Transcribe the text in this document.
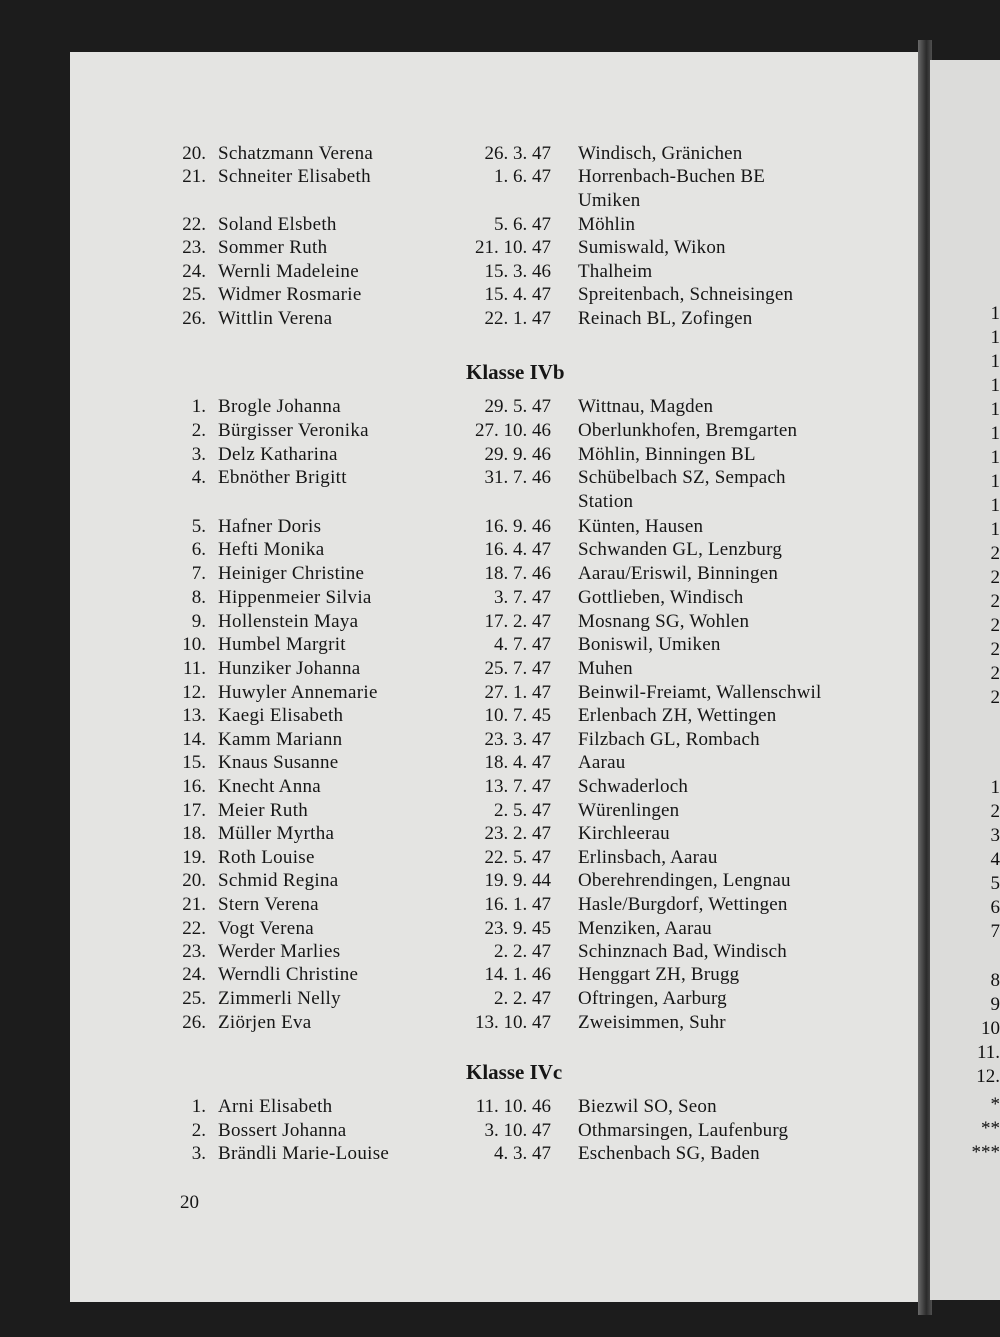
1
1
1
1
1
1
1
1
1
1
2
2
2
2
2
2
2
1
2
3
4
5
6
7
8
9
10
11.
12.
*
**
***
20. Schatzmann Verena	26. 3. 47 Windisch, Gränichen
21. Schneiter Elisabeth	1. 6. 47 Horrenbach-Buchen BE
Umiken
22. Soland Elsbeth	5. 6. 47 Möhlin
23. Sommer Ruth	21. 10. 47 Sumiswald, Wikon
24. Wernli Madeleine	15. 3. 46 Thalheim
25. Widmer Rosmarie	15. 4. 47 Spreitenbach, Schneisingen
26. Wittlin Verena	22. 1. 47 Reinach BL, Zofingen
Klasse IVb
1. Brogle Johanna	29. 5. 47 Wittnau, Magden
2. Bürgisser Veronika	27. 10. 46 Oberlunkhofen, Bremgarten
3. Delz Katharina	29. 9. 46 Möhlin, Binningen BL
4. Ebnöther Brigitt	31. 7. 46 Schübelbach SZ, Sempach
Station
5. Hafner Doris	16. 9. 46 Künten, Hausen
6. Hefti Monika	16. 4. 47 Schwanden GL, Lenzburg
7. Heiniger Christine	18. 7. 46 Aarau/Eriswil, Binningen
8. Hippenmeier Silvia	3. 7. 47 Gottlieben, Windisch
9. Hollenstein Maya	17. 2. 47 Mosnang SG, Wohlen
10. Humbel Margrit	4. 7. 47 Boniswil, Umiken
11. Hunziker Johanna	25. 7. 47 Muhen
12. Huwyler Annemarie	27. 1. 47 Beinwil-Freiamt, Wallenschwil
13. Kaegi Elisabeth	10. 7. 45 Erlenbach ZH, Wettingen
14. Kamm Mariann	23. 3. 47 Filzbach GL, Rombach
15. Knaus Susanne	18. 4. 47 Aarau
16. Knecht Anna	13. 7. 47 Schwaderloch
17. Meier Ruth	2. 5. 47 Würenlingen
18. Müller Myrtha	23. 2. 47 Kirchleerau
19. Roth Louise	22. 5. 47 Erlinsbach, Aarau
20. Schmid Regina	19. 9. 44 Oberehrendingen, Lengnau
21. Stern Verena	16. 1. 47 Hasle/Burgdorf, Wettingen
22. Vogt Verena	23. 9. 45 Menziken, Aarau
23. Werder Marlies	2. 2. 47 Schinznach Bad, Windisch
24. Werndli Christine	14. 1. 46 Henggart ZH, Brugg
25. Zimmerli Nelly	2. 2. 47 Oftringen, Aarburg
26. Ziörjen Eva	13. 10. 47 Zweisimmen, Suhr
Klasse IVc
1. Arni Elisabeth	11. 10. 46 Biezwil SO, Seon
2. Bossert Johanna	3. 10. 47 Othmarsingen, Laufenburg
3. Brändli Marie-Louise	4. 3. 47 Eschenbach SG, Baden
20
